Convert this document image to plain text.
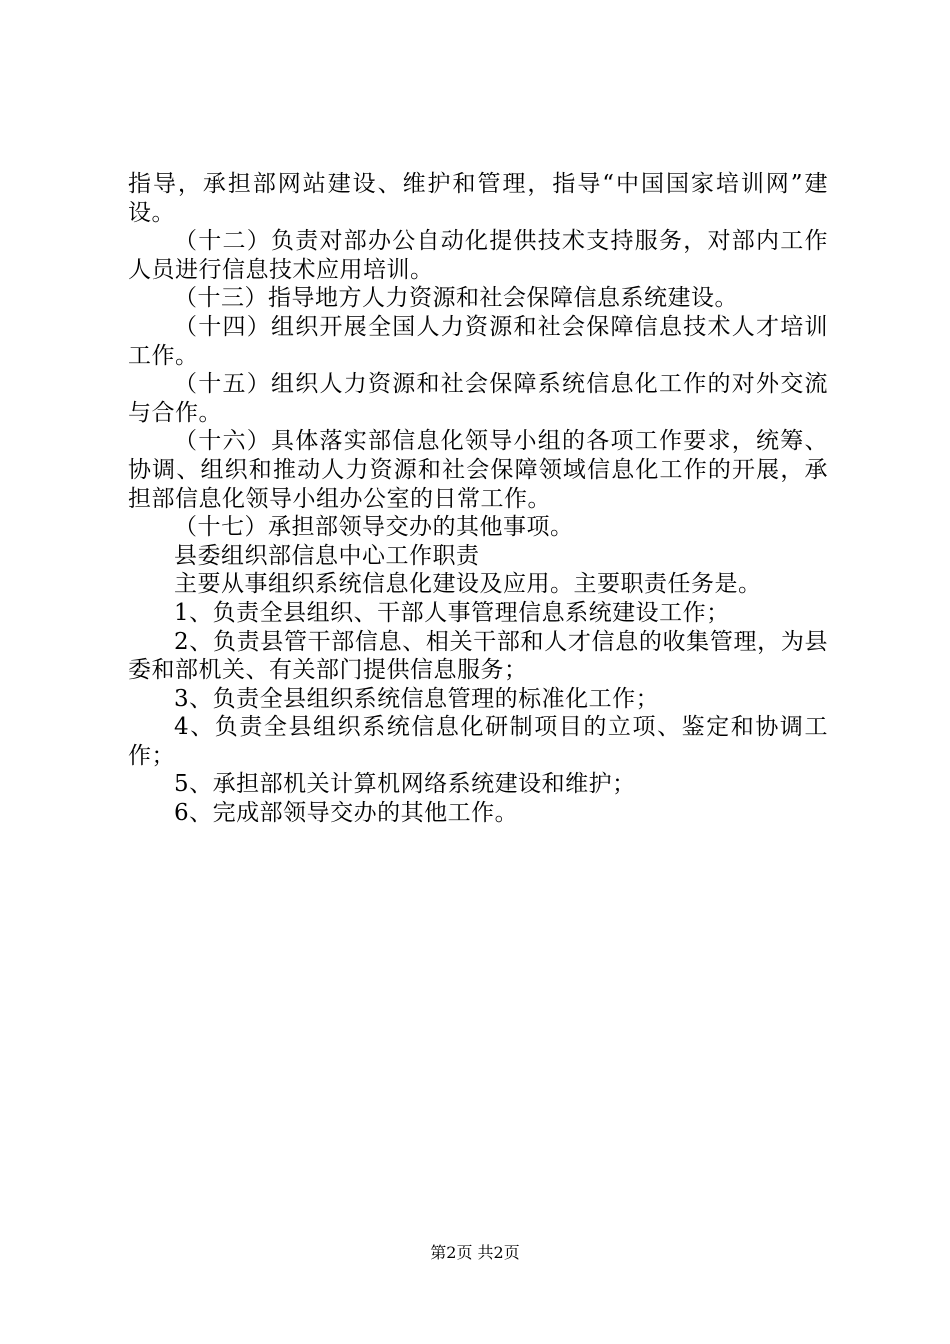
指导，承担部网站建设、维护和管理，指导“中国国家培训网”建设。

（十二）负责对部办公自动化提供技术支持服务，对部内工作人员进行信息技术应用培训。

（十三）指导地方人力资源和社会保障信息系统建设。

（十四）组织开展全国人力资源和社会保障信息技术人才培训工作。

（十五）组织人力资源和社会保障系统信息化工作的对外交流与合作。

（十六）具体落实部信息化领导小组的各项工作要求，统筹、协调、组织和推动人力资源和社会保障领域信息化工作的开展，承担部信息化领导小组办公室的日常工作。

（十七）承担部领导交办的其他事项。

县委组织部信息中心工作职责

主要从事组织系统信息化建设及应用。主要职责任务是。

1、负责全县组织、干部人事管理信息系统建设工作；

2、负责县管干部信息、相关干部和人才信息的收集管理，为县委和部机关、有关部门提供信息服务；

3、负责全县组织系统信息管理的标准化工作；

4、负责全县组织系统信息化研制项目的立项、鉴定和协调工作；

5、承担部机关计算机网络系统建设和维护；

6、完成部领导交办的其他工作。

第2页 共2页
